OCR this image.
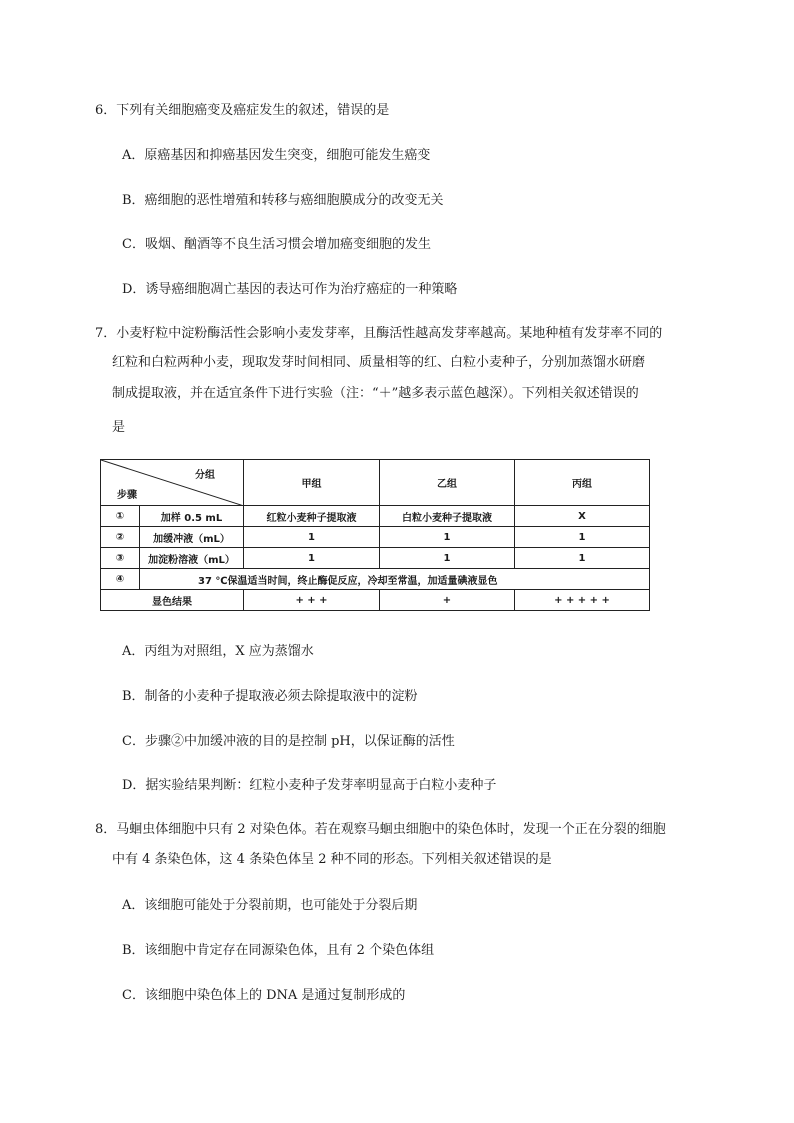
6．下列有关细胞癌变及癌症发生的叙述，错误的是
A．原癌基因和抑癌基因发生突变，细胞可能发生癌变
B．癌细胞的恶性增殖和转移与癌细胞膜成分的改变无关
C．吸烟、酗酒等不良生活习惯会增加癌变细胞的发生
D．诱导癌细胞凋亡基因的表达可作为治疗癌症的一种策略
7．小麦籽粒中淀粉酶活性会影响小麦发芽率，且酶活性越高发芽率越高。某地种植有发芽率不同的
红粒和白粒两种小麦，现取发芽时间相同、质量相等的红、白粒小麦种子，分别加蒸馏水研磨
制成提取液，并在适宜条件下进行实验（注：“＋”越多表示蓝色越深）。下列相关叙述错误的
是
分组
步骤		甲组	乙组	丙组
①	加样 0.5 mL	红粒小麦种子提取液	白粒小麦种子提取液	X
②	加缓冲液（mL）	1	1	1
③	加淀粉溶液（mL）	1	1	1
④	37 ℃保温适当时间，终止酶促反应，冷却至常温，加适量碘液显色			
显色结果		+ + +	+	+ + + + +
A．丙组为对照组，X 应为蒸馏水
B．制备的小麦种子提取液必须去除提取液中的淀粉
C．步骤②中加缓冲液的目的是控制 pH，以保证酶的活性
D．据实验结果判断：红粒小麦种子发芽率明显高于白粒小麦种子
8．马蛔虫体细胞中只有 2 对染色体。若在观察马蛔虫细胞中的染色体时，发现一个正在分裂的细胞
中有 4 条染色体，这 4 条染色体呈 2 种不同的形态。下列相关叙述错误的是
A．该细胞可能处于分裂前期，也可能处于分裂后期
B．该细胞中肯定存在同源染色体，且有 2 个染色体组
C．该细胞中染色体上的 DNA 是通过复制形成的
